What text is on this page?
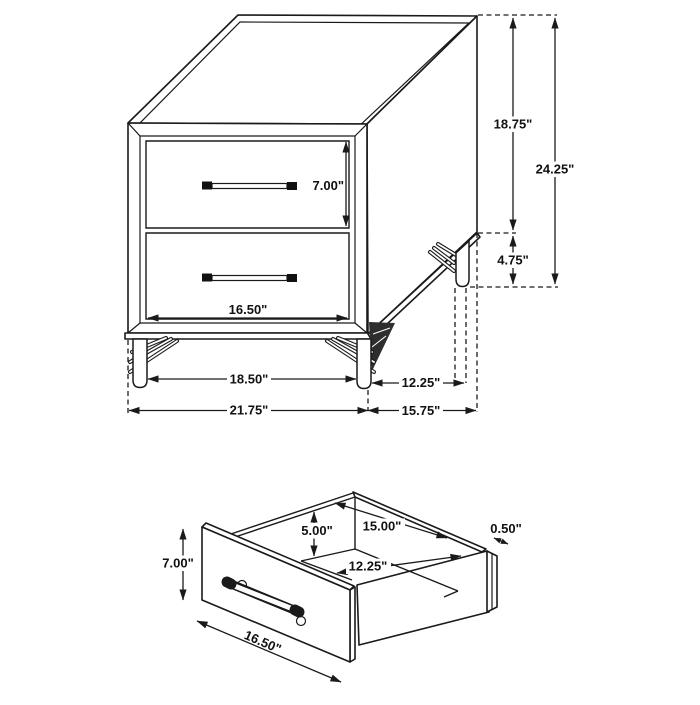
7.00"
16.50"
18.75"
4.75"
24.25"
18.50"
21.75"
12.25"
15.75"
7.00"
5.00" 15.00"
12.25"
0.50"
16.50"
